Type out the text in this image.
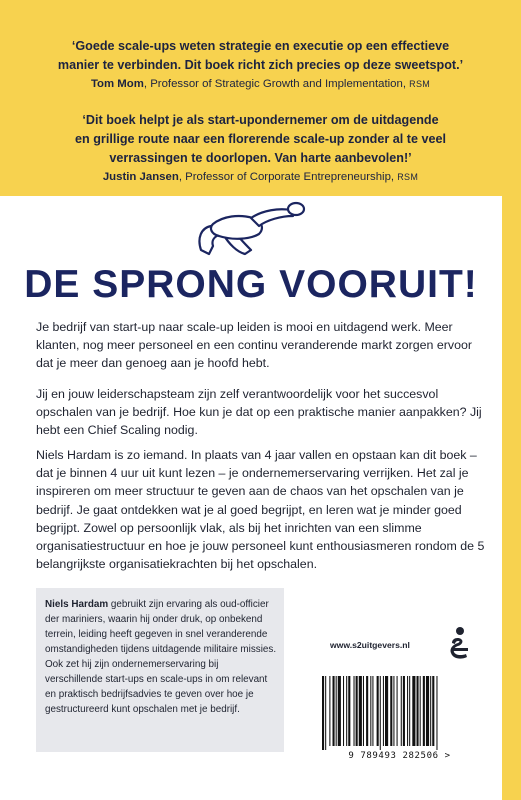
‘Goede scale-ups weten strategie en executie op een effectieve
manier te verbinden. Dit boek richt zich precies op deze sweetspot.’

Tom Mom, Professor of Strategic Growth and Implementation, RSM

‘Dit boek helpt je als start-upondernemer om de uitdagende
en grillige route naar een florerende scale-up zonder al te veel
verrassingen te doorlopen. Van harte aanbevolen!’

Justin Jansen, Professor of Corporate Entrepreneurship, RSM

DE SPRONG VOORUIT!

Je bedrijf van start-up naar scale-up leiden is mooi en uitdagend werk. Meer klanten, nog meer personeel en een continu veranderende markt zorgen ervoor dat je meer dan genoeg aan je hoofd hebt.

Jij en jouw leiderschapsteam zijn zelf verantwoordelijk voor het succesvol opschalen van je bedrijf. Hoe kun je dat op een praktische manier aanpakken? Jij hebt een Chief Scaling nodig.

Niels Hardam is zo iemand. In plaats van 4 jaar vallen en opstaan kan dit boek – dat je binnen 4 uur uit kunt lezen – je ondernemerservaring verrijken. Het zal je inspireren om meer structuur te geven aan de chaos van het opschalen van je bedrijf. Je gaat ontdekken wat je al goed begrijpt, en leren wat je minder goed begrijpt. Zowel op persoonlijk vlak, als bij het inrichten van een slimme organisatiestructuur en hoe je jouw personeel kunt enthousiasmeren rondom de 5 belangrijkste organisatiekrachten bij het opschalen.

Niels Hardam gebruikt zijn ervaring als oud-officier der mariniers, waarin hij onder druk, op onbekend terrein, leiding heeft gegeven in snel veranderende omstandigheden tijdens uitdagende militaire missies. Ook zet hij zijn ondernemerservaring bij verschillende start-ups en scale-ups in om relevant en praktisch bedrijfsadvies te geven over hoe je gestructureerd kunt opschalen met je bedrijf.

www.s2uitgevers.nl
9 789493 282506 >
